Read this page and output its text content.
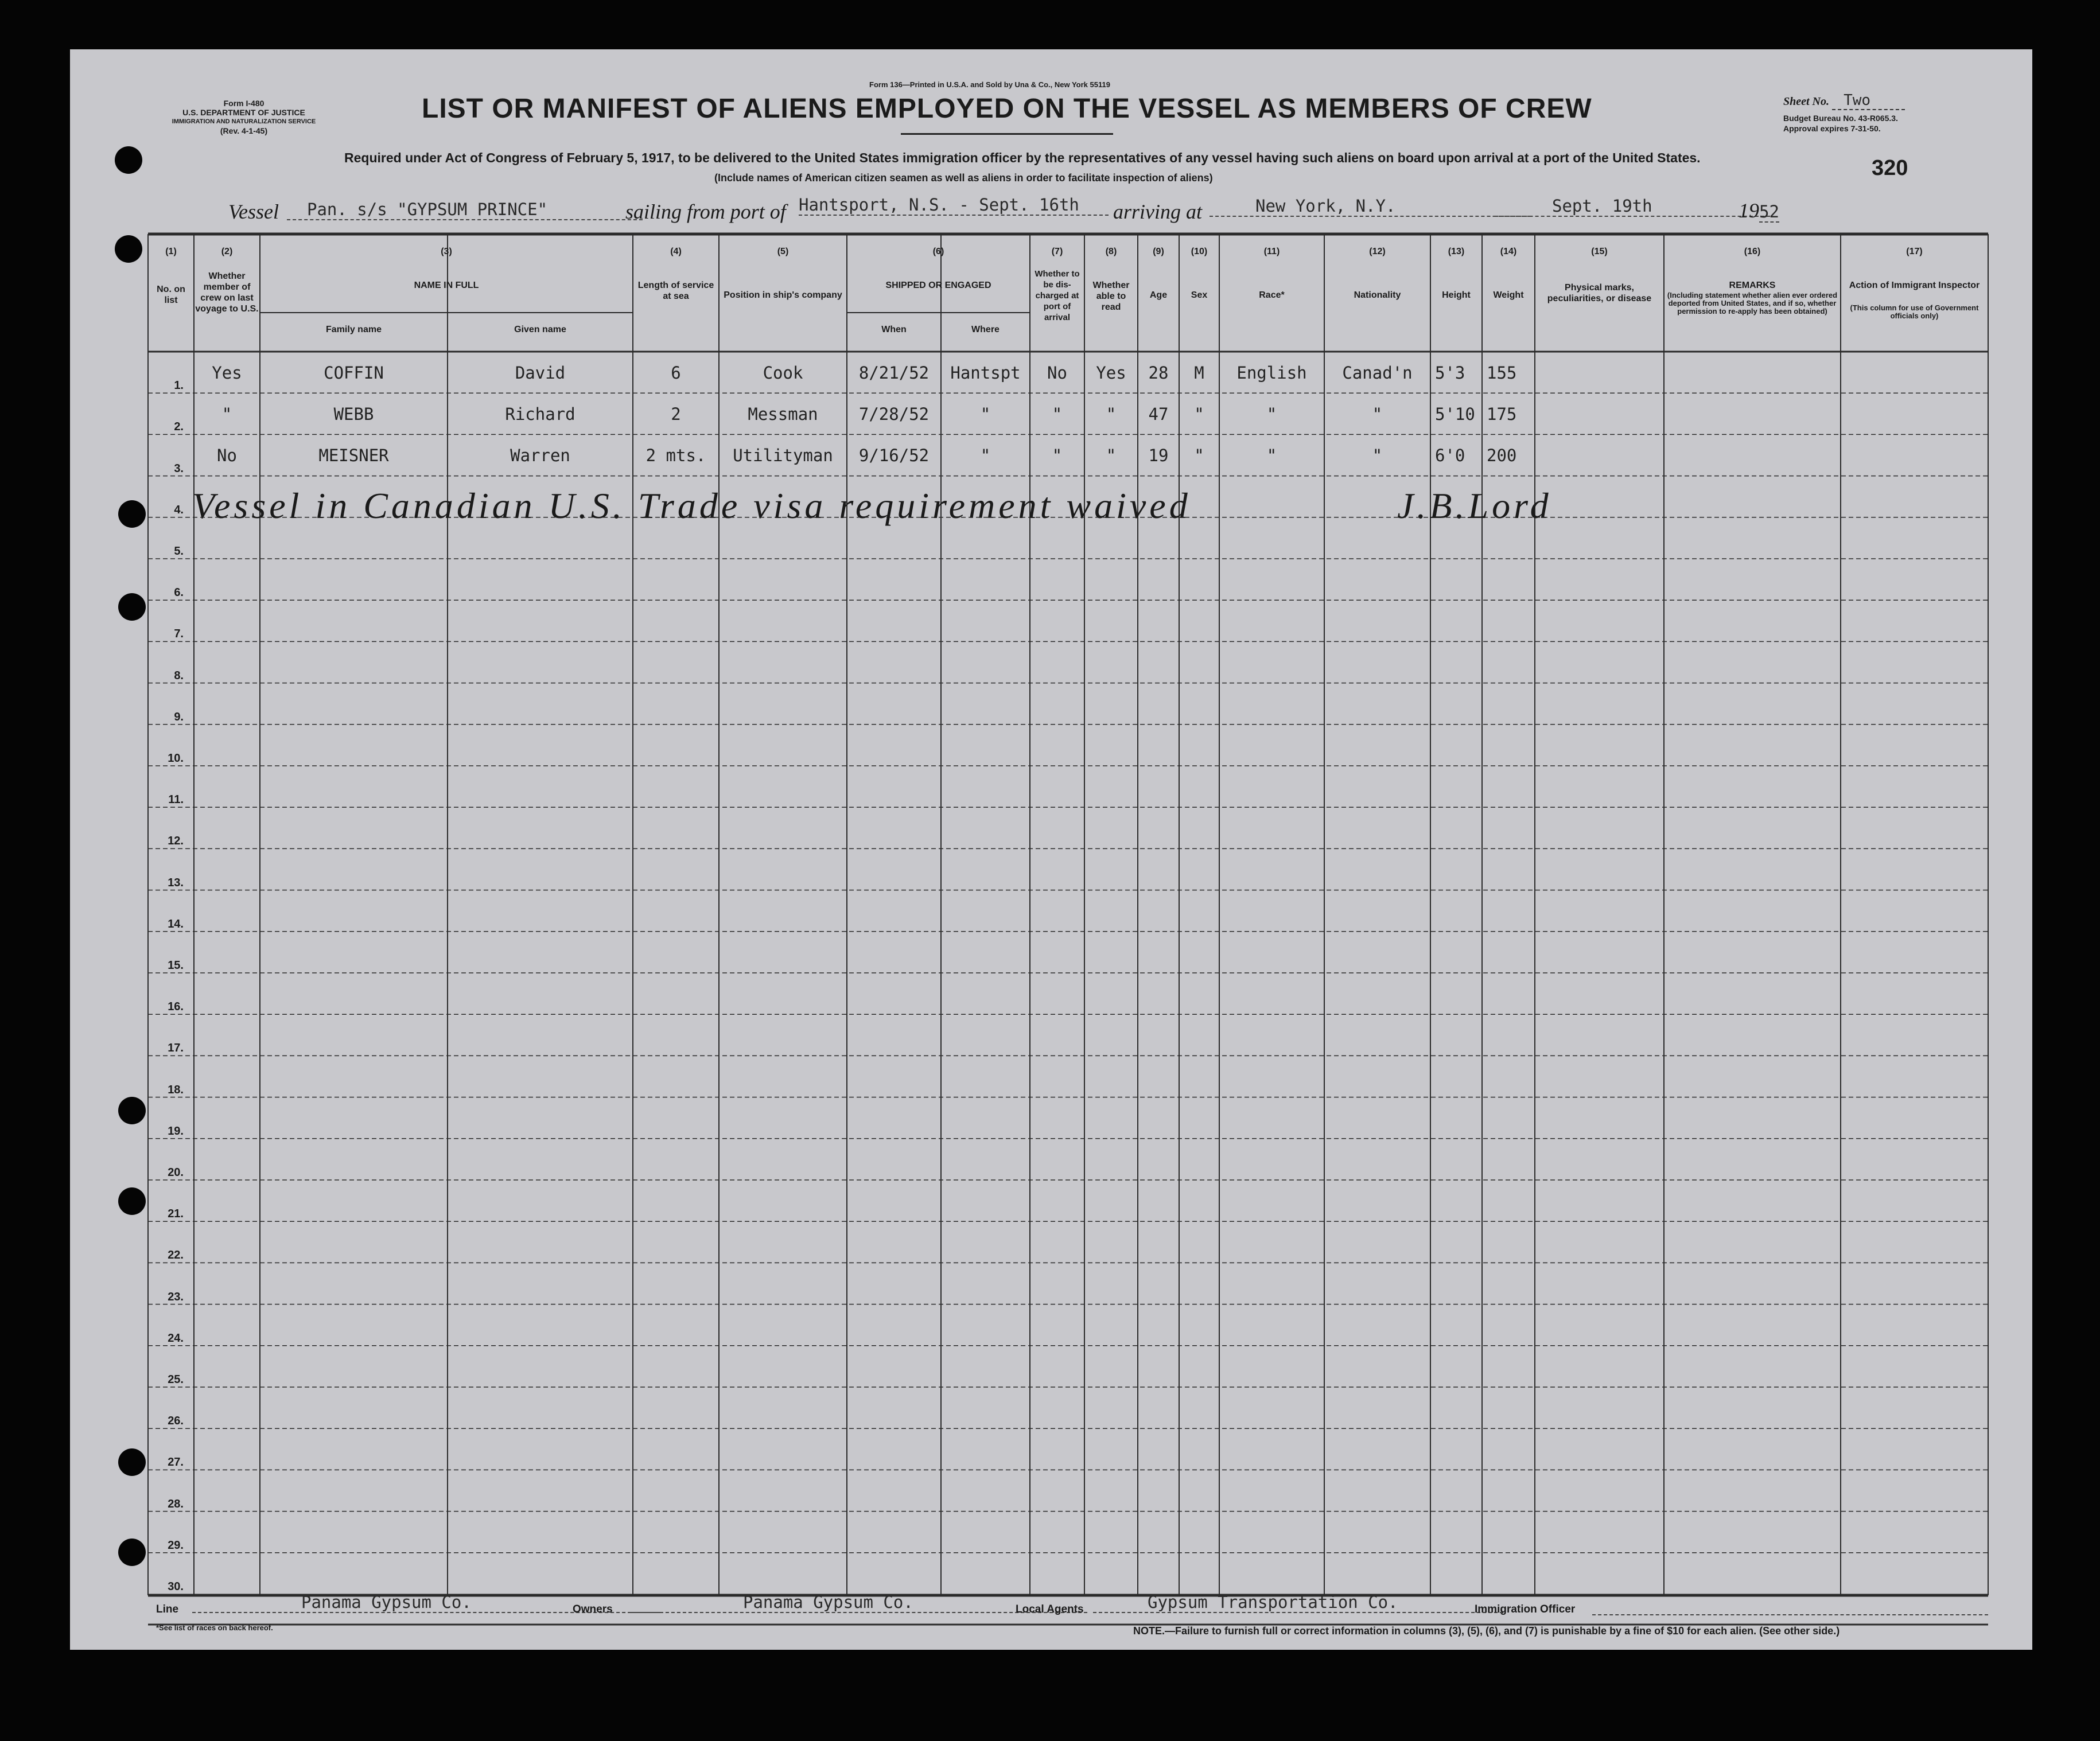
Form I-480
U.S. DEPARTMENT OF JUSTICE
IMMIGRATION AND NATURALIZATION SERVICE
(Rev. 4-1-45)
Form 136—Printed in U.S.A. and Sold by Una & Co., New York 55119
LIST OR MANIFEST OF ALIENS EMPLOYED ON THE VESSEL AS MEMBERS OF CREW
Required under Act of Congress of February 5, 1917, to be delivered to the United States immigration officer by the representatives of any vessel having such aliens on board upon arrival at a port of the United States.
(Include names of American citizen seamen as well as aliens in order to facilitate inspection of aliens)
Sheet No. Two
Budget Bureau No. 43-R065.3.
Approval expires 7-31-50.
320
Vessel	Pan. s/s "GYPSUM PRINCE"	sailing from port of Hantsport, N.S. - Sept. 16th	arriving at	New York, N.Y.	Sept. 19th	1952
(1)	(2)	(3)	(4)	(5)	(6)	(7)	(8)	(9)	(10)	(11)	(12)	(13)	(14)	(15)	(16)	(17)
No. on list
Whether member of crew on last voyage to U.S.
NAME IN FULL
Family name	Given name
Length of service at sea	Position in ship's company
SHIPPED OR ENGAGED
When	Where
Whether to be dis-charged at port of arrival
Whether able to read
Age	Sex	Race*	Nationality	Height	Weight
Physical marks, peculiarities, or disease
REMARKS
(Including statement whether alien ever ordered deported from United States, and if so, whether permission to re-apply has been obtained)
Action of Immigrant Inspector
(This column for use of Government officials only)
1.
2.
3.
4.
5.
6.
7.
8.
9.
10.
11.
12.
13.
14.
15.
16.
17.
18.
19.
20.
21.
22.
23.
24.
25.
26.
27.
28.
29.
30.
Yes	COFFIN	David	6	Cook	8/21/52	Hantspt	No	Yes	28	M	English	Canad'n	5'3	155
"	WEBB	Richard	2	Messman	7/28/52	"	"	"	47	"	"	"	5'10 175
No	MEISNER	Warren	2 mts.	Utilityman	9/16/52	"	"	"	19	"	"	"	6'0	200
Vessel in Canadian U.S. Trade visa requirement waived	J.B.Lord
Line	Panama Gypsum Co.	Owners	Panama Gypsum Co.	Local Agents	Gypsum Transportation Co.	Immigration Officer
*See list of races on back hereof.	NOTE.—Failure to furnish full or correct information in columns (3), (5), (6), and (7) is punishable by a fine of $10 for each alien. (See other side.)
